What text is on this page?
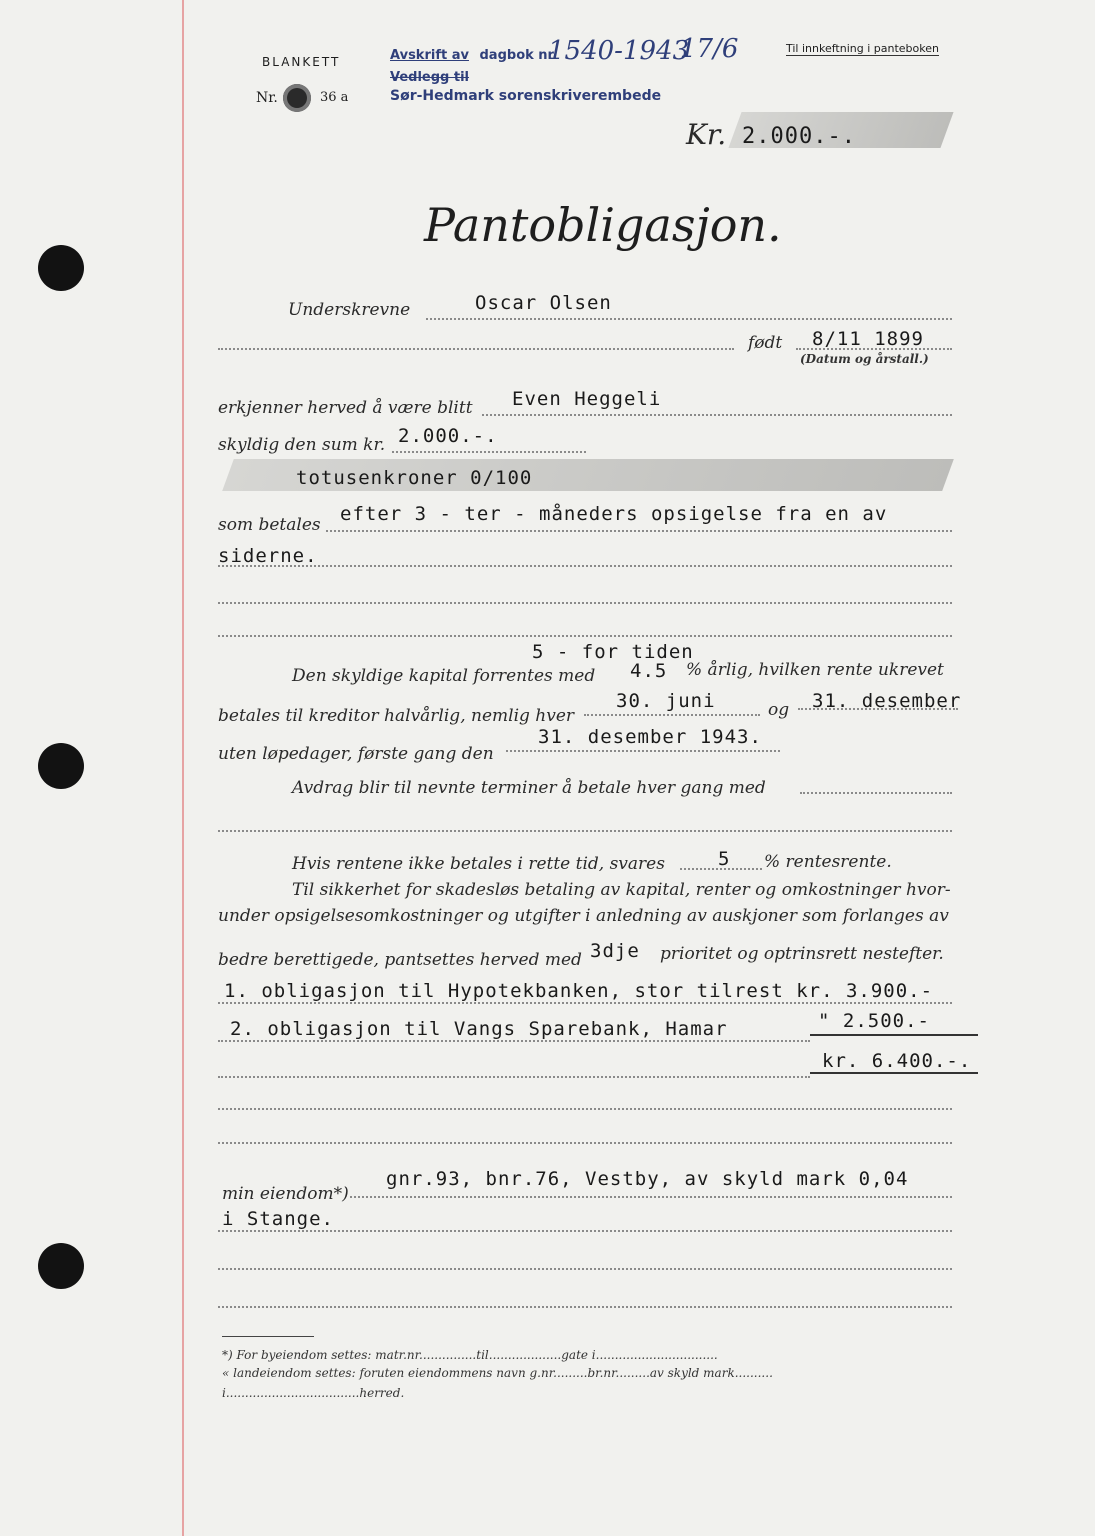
BLANKETT
Nr.	36 a
Avskrift av dagbok nr.
1540-1943
17/6
Vedlegg til
Sør-Hedmark sorenskriverembede
Til innkeftning i panteboken
Kr. 2.000.-.
Pantobligasjon.
Underskrevne	Oscar Olsen
født 8/11 1899
(Datum og årstall.)
erkjenner herved å være blitt Even Heggeli
skyldig den sum kr. 2.000.-.
totusenkroner 0/100
som betales efter 3 - ter - måneders opsigelse fra en av
siderne.
5 - for tiden
Den skyldige kapital forrentes med 4.5 % årlig, hvilken rente ukrevet
betales til kreditor halvårlig, nemlig hver
30. juni	og 31. desember
uten løpedager, første gang den
31. desember 1943.
Avdrag blir til nevnte terminer å betale hver gang med
Hvis rentene ikke betales i rette tid, svares	5 % rentesrente.
Til sikkerhet for skadesløs betaling av kapital, renter og omkostninger hvor-
under opsigelsesomkostninger og utgifter i anledning av auskjoner som forlanges av
bedre berettigede, pantsettes herved med 3dje prioritet og optrinsrett nestefter.
1. obligasjon til Hypotekbanken, stor tilrest kr. 3.900.-
2. obligasjon til Vangs Sparebank, Hamar	" 2.500.-
kr. 6.400.-.
min eiendom*)
gnr.93, bnr.76, Vestby, av skyld mark 0,04
i Stange.
*) For byeiendom settes: matr.nr...............til...................gate i................................
« landeiendom settes: foruten eiendommens navn g.nr.........br.nr.........av skyld mark..........
i...................................herred.
